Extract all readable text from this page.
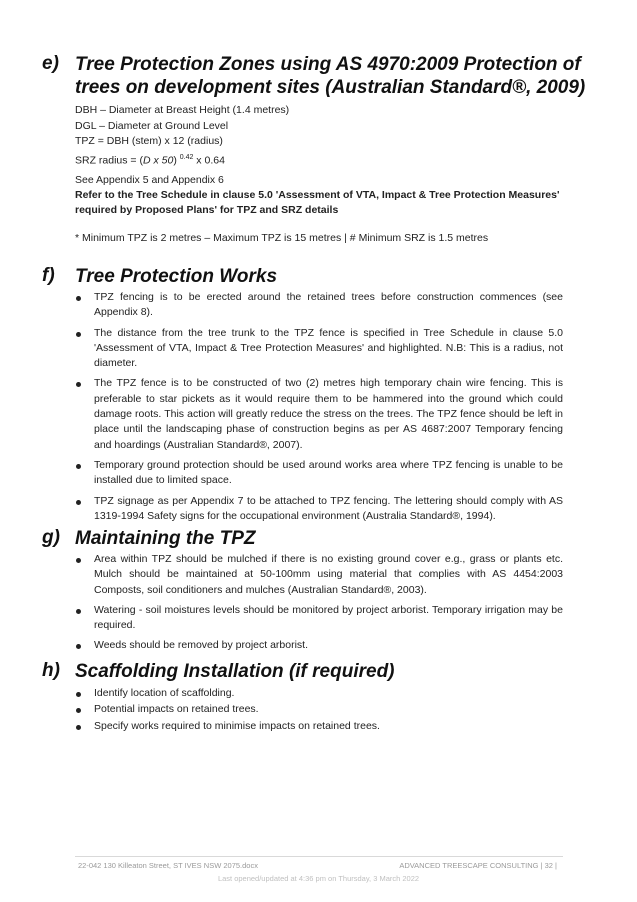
e) Tree Protection Zones using AS 4970:2009 Protection of trees on development sites (Australian Standard®, 2009)
DBH – Diameter at Breast Height (1.4 metres)
DGL – Diameter at Ground Level
TPZ = DBH (stem) x 12 (radius)
SRZ radius = (D x 50) $^{0.42}$ x 0.64
See Appendix 5 and Appendix 6
Refer to the Tree Schedule in clause 5.0 'Assessment of VTA, Impact & Tree Protection Measures' required by Proposed Plans' for TPZ and SRZ details
* Minimum TPZ is 2 metres – Maximum TPZ is 15 metres | # Minimum SRZ is 1.5 metres
f) Tree Protection Works
TPZ fencing is to be erected around the retained trees before construction commences (see Appendix 8).
The distance from the tree trunk to the TPZ fence is specified in Tree Schedule in clause 5.0 'Assessment of VTA, Impact & Tree Protection Measures' and highlighted. N.B: This is a radius, not diameter.
The TPZ fence is to be constructed of two (2) metres high temporary chain wire fencing. This is preferable to star pickets as it would require them to be hammered into the ground which could damage roots. This action will greatly reduce the stress on the trees. The TPZ fence should be left in place until the landscaping phase of construction begins as per AS 4687:2007 Temporary fencing and hoardings (Australian Standard®, 2007).
Temporary ground protection should be used around works area where TPZ fencing is unable to be installed due to limited space.
TPZ signage as per Appendix 7 to be attached to TPZ fencing. The lettering should comply with AS 1319-1994 Safety signs for the occupational environment (Australia Standard®, 1994).
g) Maintaining the TPZ
Area within TPZ should be mulched if there is no existing ground cover e.g., grass or plants etc. Mulch should be maintained at 50-100mm using material that complies with AS 4454:2003 Composts, soil conditioners and mulches (Australian Standard®, 2003).
Watering - soil moistures levels should be monitored by project arborist. Temporary irrigation may be required.
Weeds should be removed by project arborist.
h) Scaffolding Installation (if required)
Identify location of scaffolding.
Potential impacts on retained trees.
Specify works required to minimise impacts on retained trees.
22-042 130 Killeaton Street, ST IVES NSW 2075.docx	ADVANCED TREESCAPE CONSULTING | 32 |
Last opened/updated at 4:36 pm on Thursday, 3 March 2022
